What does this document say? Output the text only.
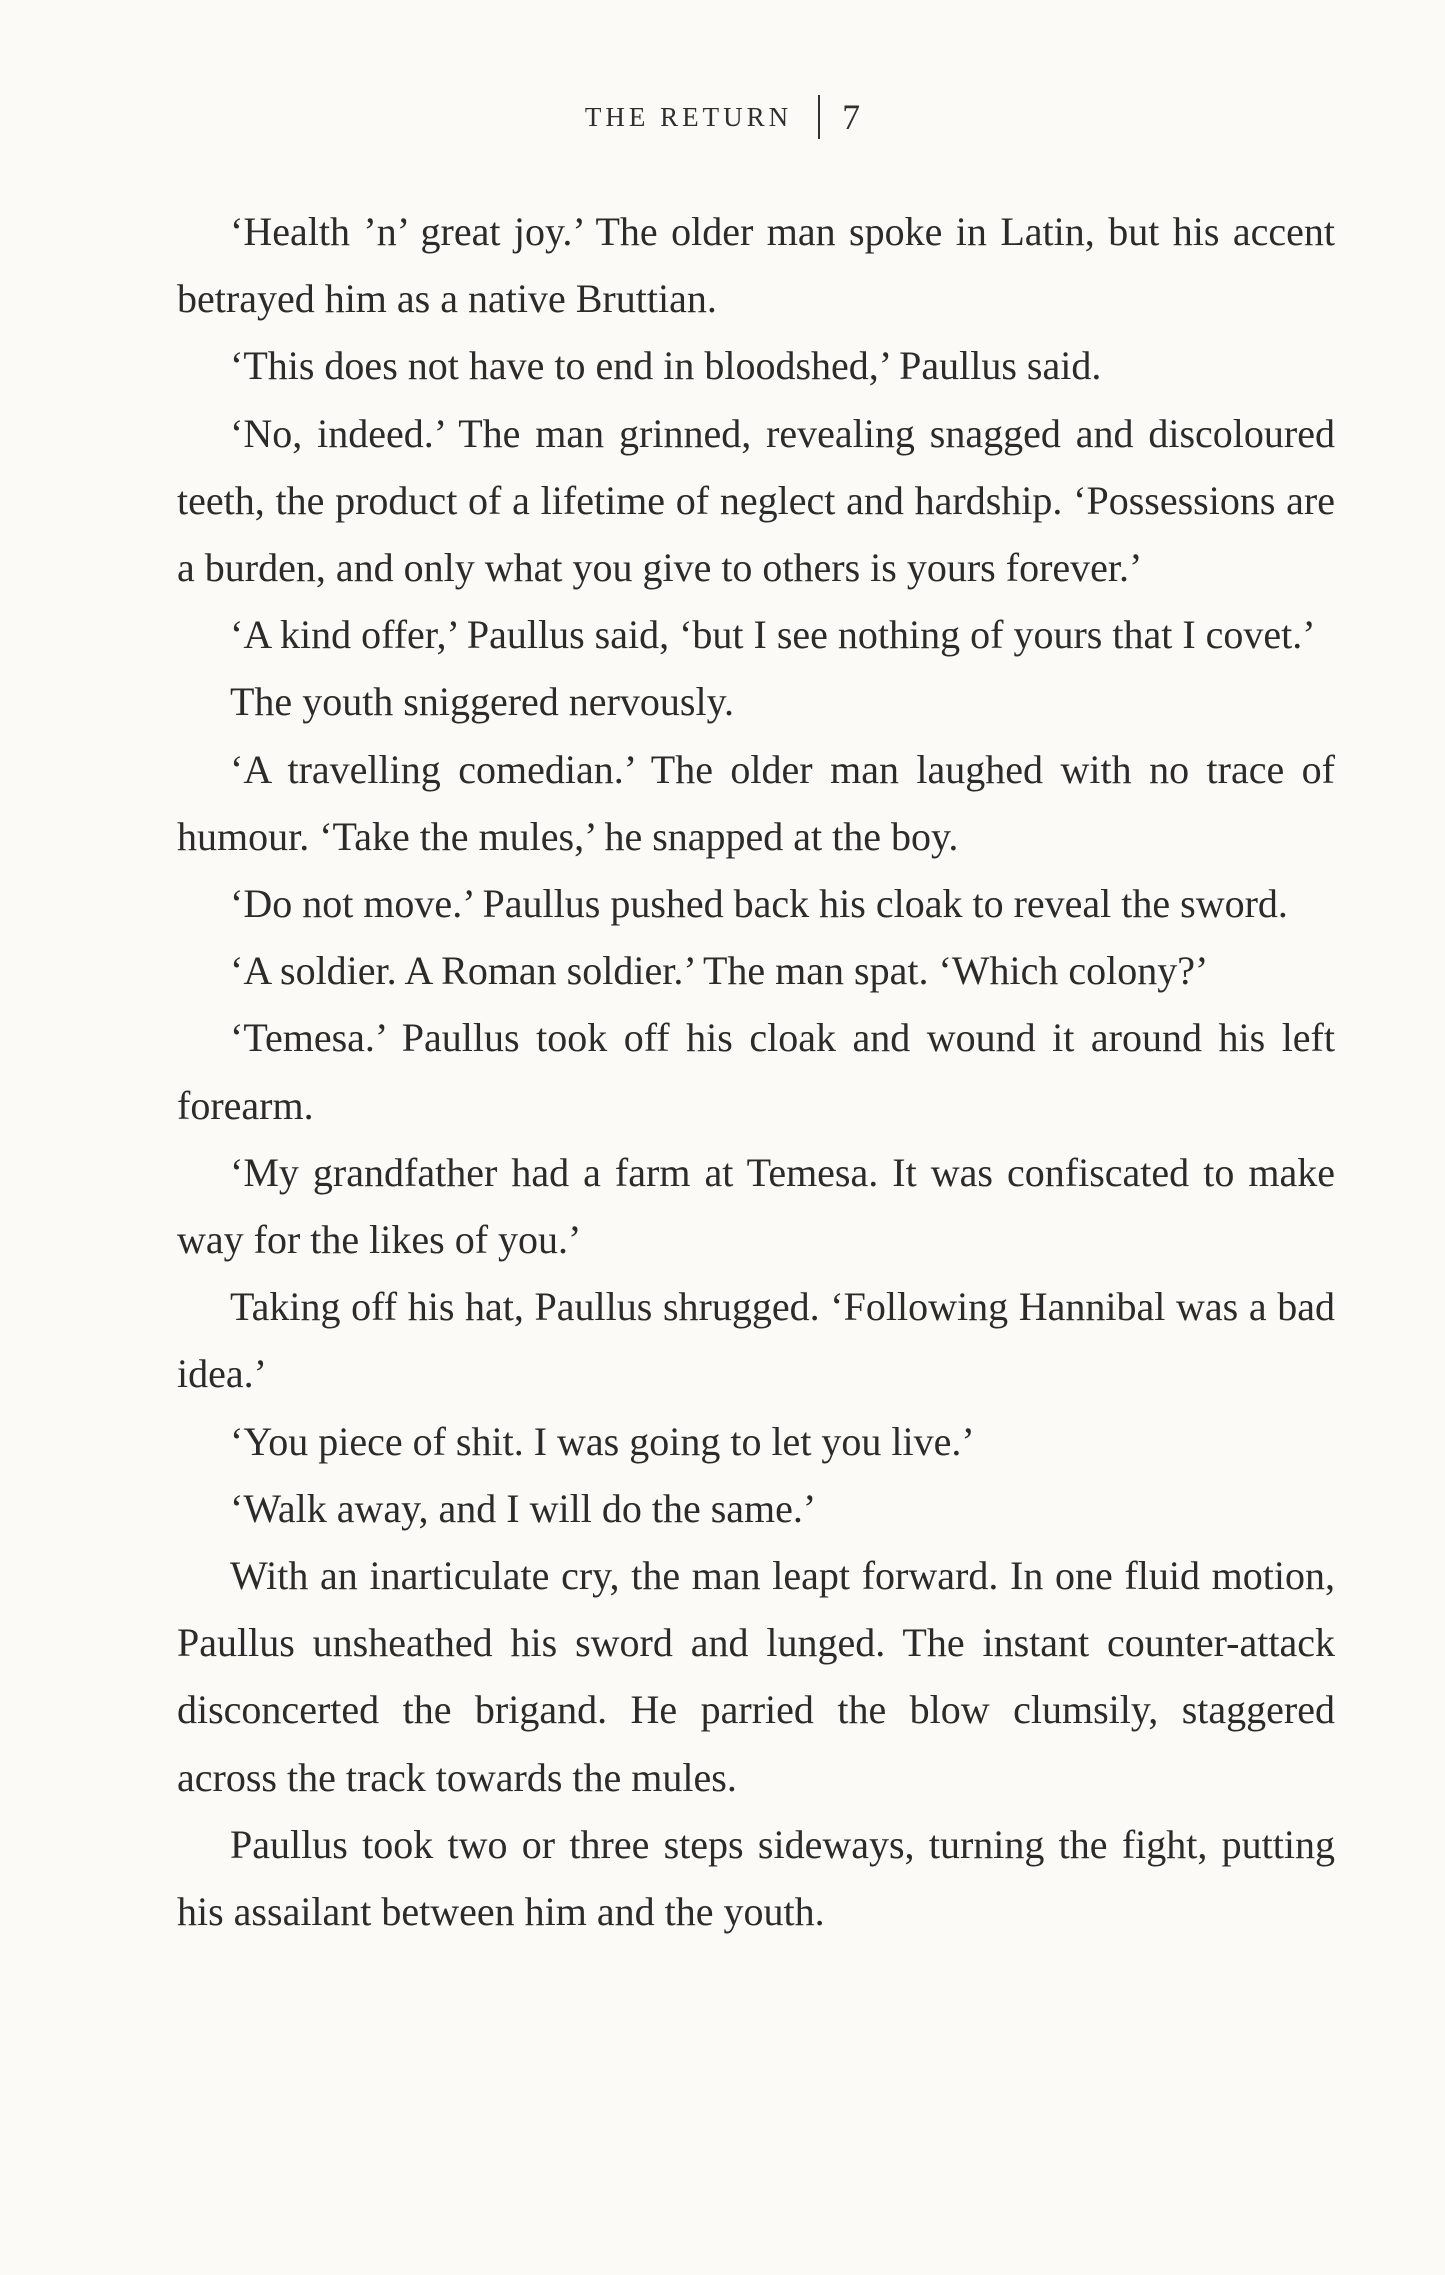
THE RETURN 7

‘Health ’n’ great joy.’ The older man spoke in Latin, but his accent betrayed him as a native Bruttian.

‘This does not have to end in bloodshed,’ Paullus said.

‘No, indeed.’ The man grinned, revealing snagged and discoloured teeth, the product of a lifetime of neglect and hardship. ‘Possessions are a burden, and only what you give to others is yours forever.’

‘A kind offer,’ Paullus said, ‘but I see nothing of yours that I covet.’

The youth sniggered nervously.

‘A travelling comedian.’ The older man laughed with no trace of humour. ‘Take the mules,’ he snapped at the boy.

‘Do not move.’ Paullus pushed back his cloak to reveal the sword.

‘A soldier. A Roman soldier.’ The man spat. ‘Which colony?’

‘Temesa.’ Paullus took off his cloak and wound it around his left forearm.

‘My grandfather had a farm at Temesa. It was confiscated to make way for the likes of you.’

Taking off his hat, Paullus shrugged. ‘Following Hannibal was a bad idea.’

‘You piece of shit. I was going to let you live.’

‘Walk away, and I will do the same.’

With an inarticulate cry, the man leapt forward. In one fluid motion, Paullus unsheathed his sword and lunged. The instant counter-attack disconcerted the brigand. He parried the blow clumsily, staggered across the track towards the mules.

Paullus took two or three steps sideways, turning the fight, putting his assailant between him and the youth.
